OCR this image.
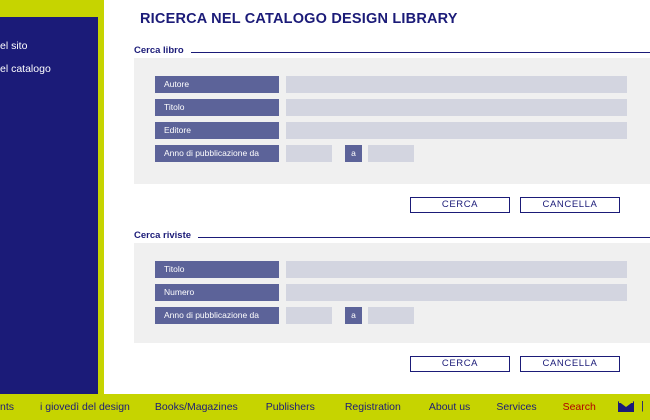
el sito
el catalogo
RICERCA NEL CATALOGO DESIGN LIBRARY
Cerca libro
Autore
Titolo
Editore
Anno di pubblicazione da	a
CERCA	CANCELLA
Cerca riviste
Titolo
Numero
Anno di pubblicazione da	a
CERCA	CANCELLA
nts	i giovedì del design Books/Magazines	Publishers	Registration	About us Services Search	|
